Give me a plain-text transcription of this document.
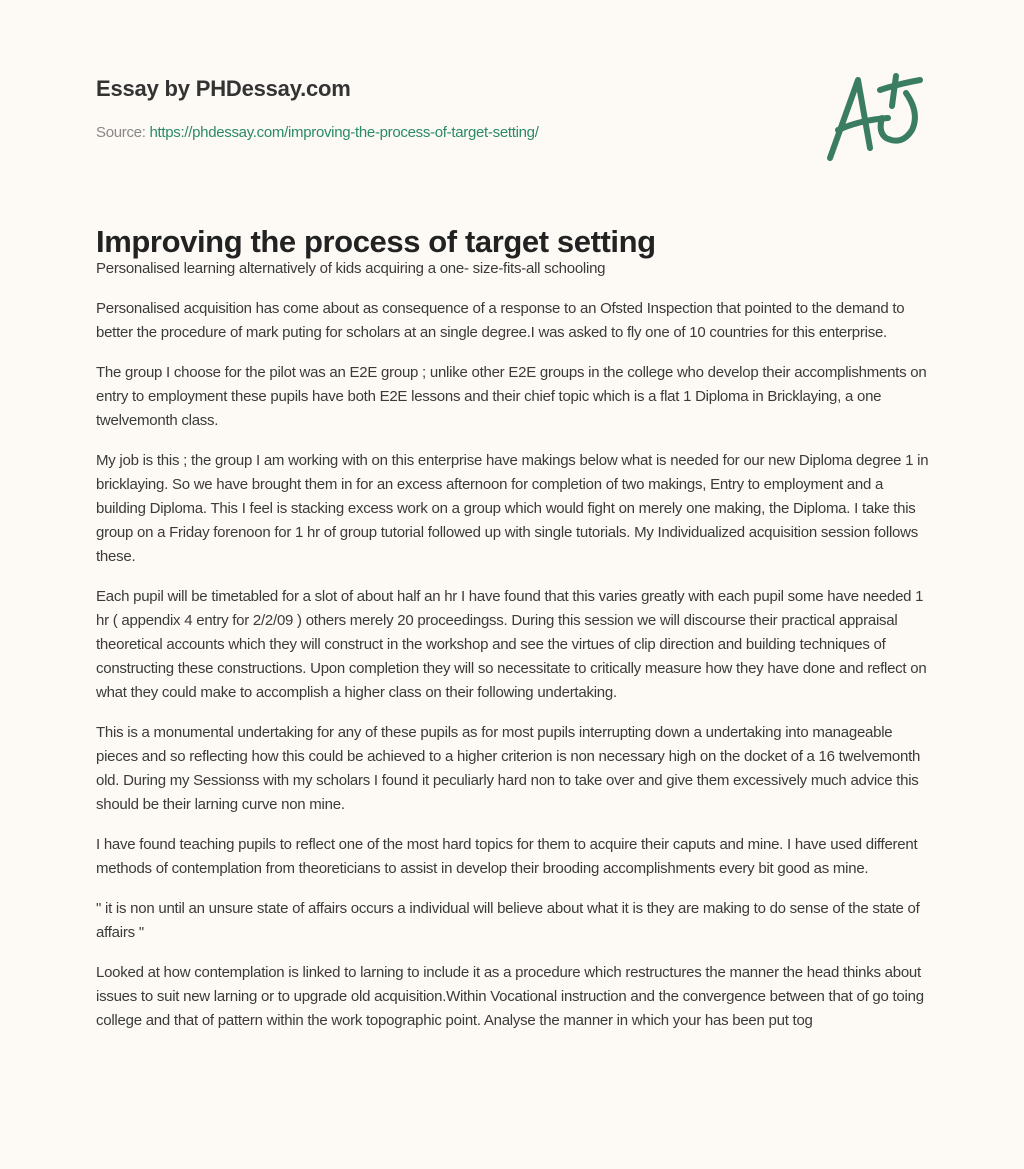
Essay by PHDessay.com
Source: https://phdessay.com/improving-the-process-of-target-setting/
Improving the process of target setting

Personalised learning alternatively of kids acquiring a one- size-fits-all schooling

Personalised acquisition has come about as consequence of a response to an Ofsted Inspection that pointed to the demand to better the procedure of mark puting for scholars at an single degree.I was asked to fly one of 10 countries for this enterprise.

The group I choose for the pilot was an E2E group ; unlike other E2E groups in the college who develop their accomplishments on entry to employment these pupils have both E2E lessons and their chief topic which is a flat 1 Diploma in Bricklaying, a one twelvemonth class.

My job is this ; the group I am working with on this enterprise have makings below what is needed for our new Diploma degree 1 in bricklaying. So we have brought them in for an excess afternoon for completion of two makings, Entry to employment and a building Diploma. This I feel is stacking excess work on a group which would fight on merely one making, the Diploma. I take this group on a Friday forenoon for 1 hr of group tutorial followed up with single tutorials. My Individualized acquisition session follows these.

Each pupil will be timetabled for a slot of about half an hr I have found that this varies greatly with each pupil some have needed 1 hr ( appendix 4 entry for 2/2/09 ) others merely 20 proceedingss. During this session we will discourse their practical appraisal theoretical accounts which they will construct in the workshop and see the virtues of clip direction and building techniques of constructing these constructions. Upon completion they will so necessitate to critically measure how they have done and reflect on what they could make to accomplish a higher class on their following undertaking.

This is a monumental undertaking for any of these pupils as for most pupils interrupting down a undertaking into manageable pieces and so reflecting how this could be achieved to a higher criterion is non necessary high on the docket of a 16 twelvemonth old. During my Sessionss with my scholars I found it peculiarly hard non to take over and give them excessively much advice this should be their larning curve non mine.

I have found teaching pupils to reflect one of the most hard topics for them to acquire their caputs and mine. I have used different methods of contemplation from theoreticians to assist in develop their brooding accomplishments every bit good as mine.

" it is non until an unsure state of affairs occurs a individual will believe about what it is they are making to do sense of the state of affairs ''

Looked at how contemplation is linked to larning to include it as a procedure which restructures the manner the head thinks about issues to suit new larning or to upgrade old acquisition.Within Vocational instruction and the convergence between that of go toing college and that of pattern within the work topographic point. Analyse the manner in which your has been put tog
